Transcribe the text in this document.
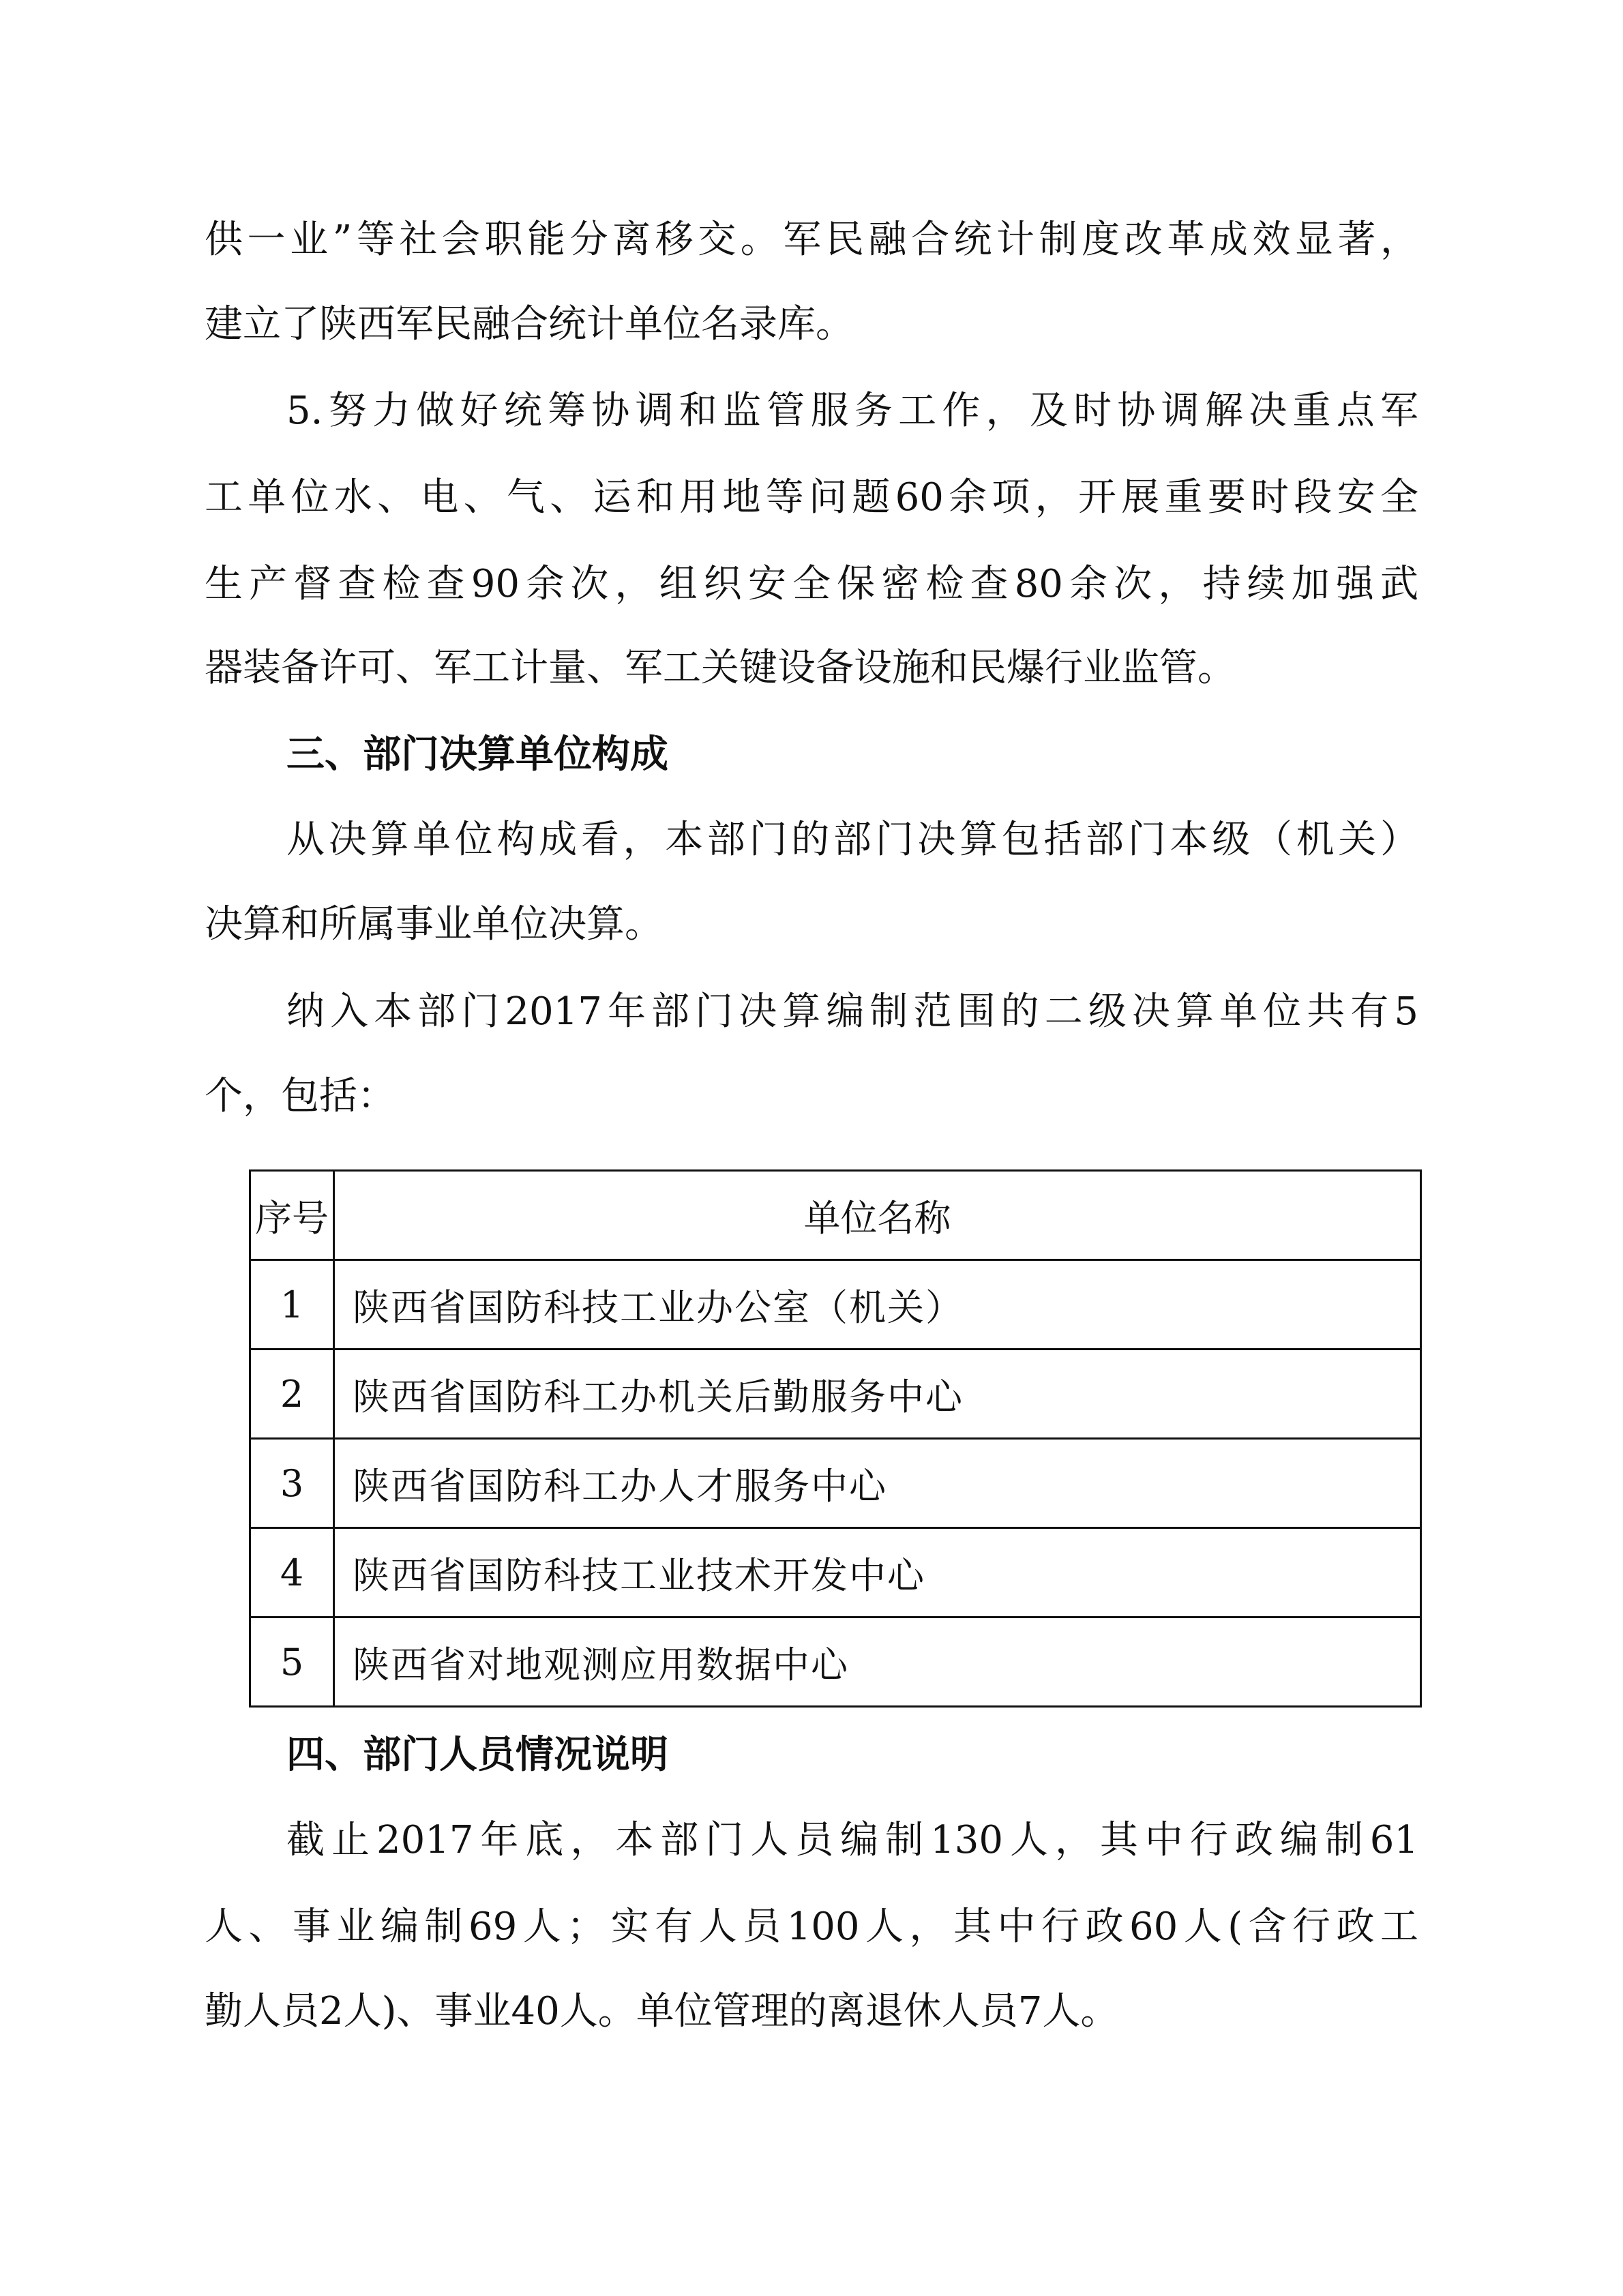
供一业”等社会职能分离移交。军民融合统计制度改革成效显著，
建立了陕西军民融合统计单位名录库。
5.努力做好统筹协调和监管服务工作，及时协调解决重点军
工单位水、电、气、运和用地等问题60余项，开展重要时段安全
生产督查检查90余次，组织安全保密检查80余次，持续加强武
器装备许可、军工计量、军工关键设备设施和民爆行业监管。
三、部门决算单位构成
从决算单位构成看，本部门的部门决算包括部门本级（机关）
决算和所属事业单位决算。
纳入本部门2017年部门决算编制范围的二级决算单位共有5
个，包括：
序号	单位名称
1	陕西省国防科技工业办公室（机关）
2	陕西省国防科工办机关后勤服务中心
3	陕西省国防科工办人才服务中心
4	陕西省国防科技工业技术开发中心
5	陕西省对地观测应用数据中心
四、部门人员情况说明
截止2017年底，本部门人员编制130人，其中行政编制61
人、事业编制69人；实有人员100人，其中行政60人(含行政工
勤人员2人)、事业40人。单位管理的离退休人员7人。
